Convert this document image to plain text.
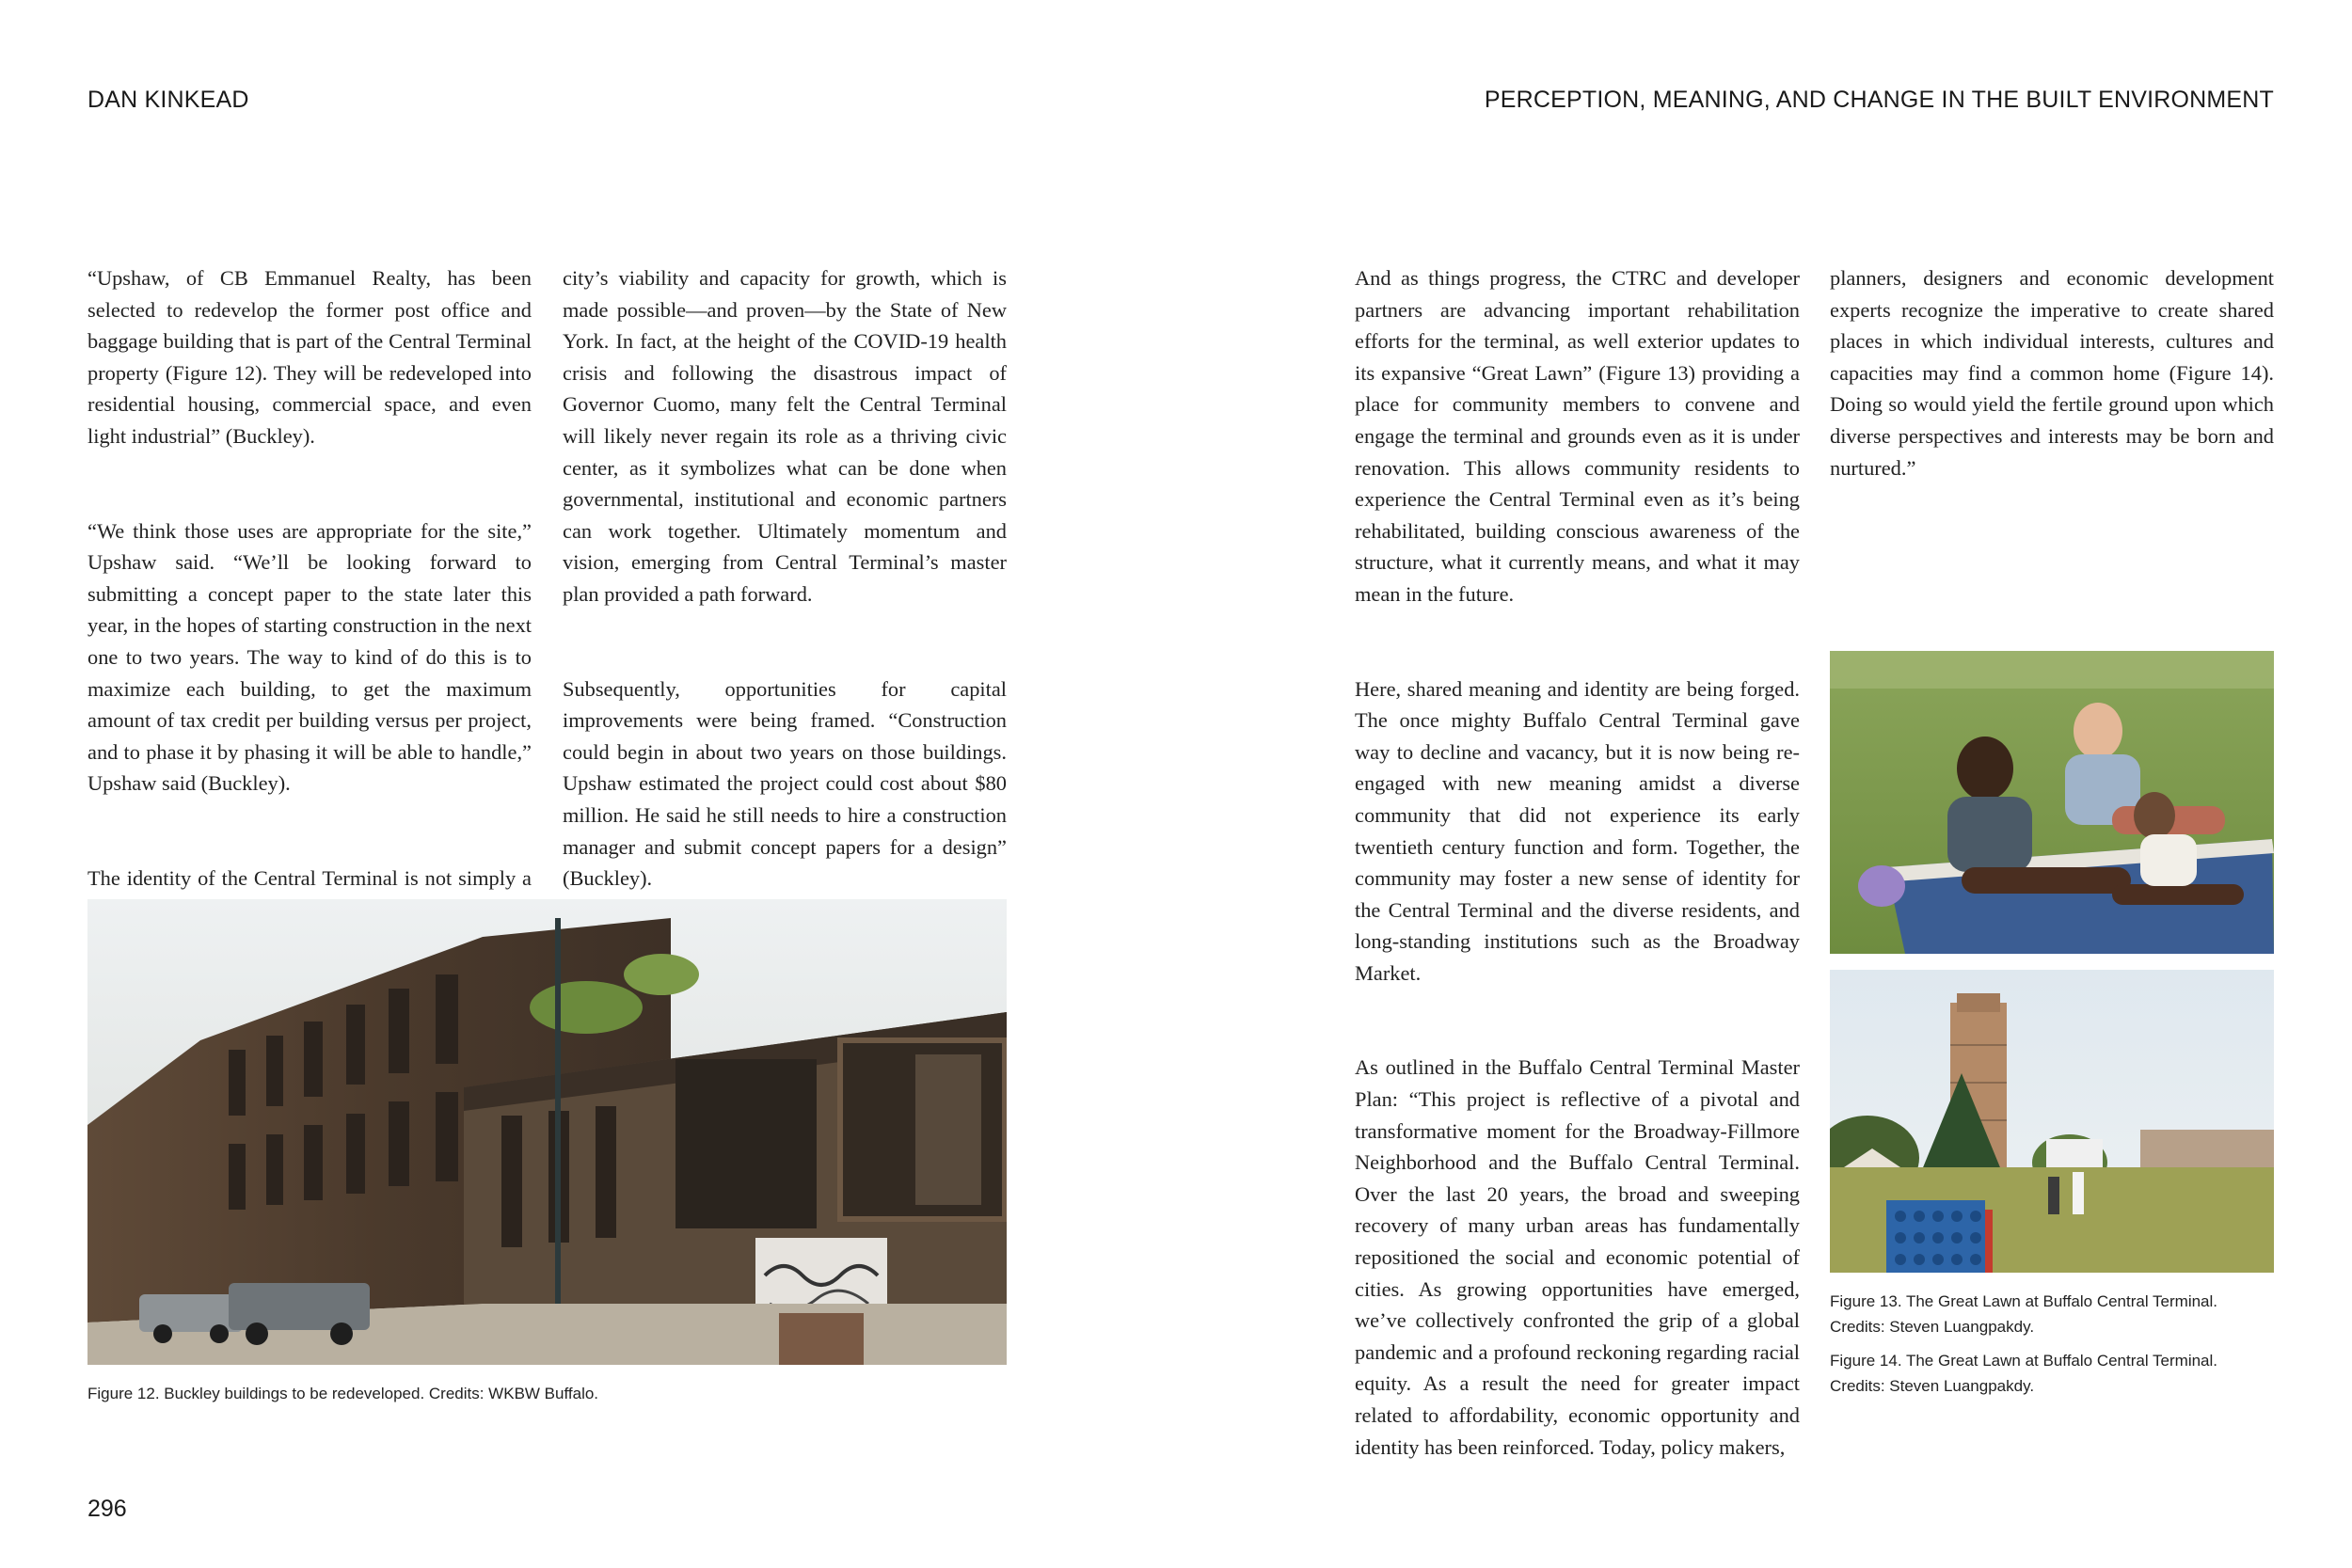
DAN KINKEAD	PERCEPTION, MEANING, AND CHANGE IN THE BUILT ENVIRONMENT

“Upshaw, of CB Emmanuel Realty, has been selected to redevelop the former post office and baggage building that is part of the Central Terminal property (Figure 12). They will be redeveloped into residential housing, commercial space, and even light industrial” (Buckley).

“We think those uses are appropriate for the site,” Upshaw said. “We’ll be looking forward to submitting a concept paper to the state later this year, in the hopes of starting construction in the next one to two years. The way to kind of do this is to maximize each building, to get the maximum amount of tax credit per building versus per project, and to phase it by phasing it will be able to handle,” Upshaw said (Buckley).

The identity of the Central Terminal is not simply a

city’s viability and capacity for growth, which is made possible—and proven—by the State of New York. In fact, at the height of the COVID-19 health crisis and following the disastrous impact of Governor Cuomo, many felt the Central Terminal will likely never regain its role as a thriving civic center, as it symbolizes what can be done when governmental, institutional and economic partners can work together. Ultimately momentum and vision, emerging from Central Terminal’s master plan provided a path forward.

Subsequently, opportunities for capital improvements were being framed. “Construction could begin in about two years on those buildings. Upshaw estimated the project could cost about $80 million. He said he still needs to hire a construction manager and submit concept papers for a design” (Buckley).

Figure 12. Buckley buildings to be redeveloped. Credits: WKBW Buffalo.
296

And as things progress, the CTRC and developer partners are advancing important rehabilitation efforts for the terminal, as well exterior updates to its expansive “Great Lawn” (Figure 13) providing a place for community members to convene and engage the terminal and grounds even as it is under renovation. This allows community residents to experience the Central Terminal even as it’s being rehabilitated, building conscious awareness of the structure, what it currently means, and what it may mean in the future.

Here, shared meaning and identity are being forged. The once mighty Buffalo Central Terminal gave way to decline and vacancy, but it is now being re-engaged with new meaning amidst a diverse community that did not experience its early twentieth century function and form. Together, the community may foster a new sense of identity for the Central Terminal and the diverse residents, and long-standing institutions such as the Broadway Market.

As outlined in the Buffalo Central Terminal Master Plan: “This project is reflective of a pivotal and transformative moment for the Broadway-Fillmore Neighborhood and the Buffalo Central Terminal. Over the last 20 years, the broad and sweeping recovery of many urban areas has fundamentally repositioned the social and economic potential of cities. As growing opportunities have emerged, we’ve collectively confronted the grip of a global pandemic and a profound reckoning regarding racial equity. As a result the need for greater impact related to affordability, economic opportunity and identity has been reinforced. Today, policy makers,

planners, designers and economic development experts recognize the imperative to create shared places in which individual interests, cultures and capacities may find a common home (Figure 14). Doing so would yield the fertile ground upon which diverse perspectives and interests may be born and nurtured.”

Figure 13. The Great Lawn at Buffalo Central Terminal.
Credits: Steven Luangpakdy.
Figure 14. The Great Lawn at Buffalo Central Terminal.
Credits: Steven Luangpakdy.
